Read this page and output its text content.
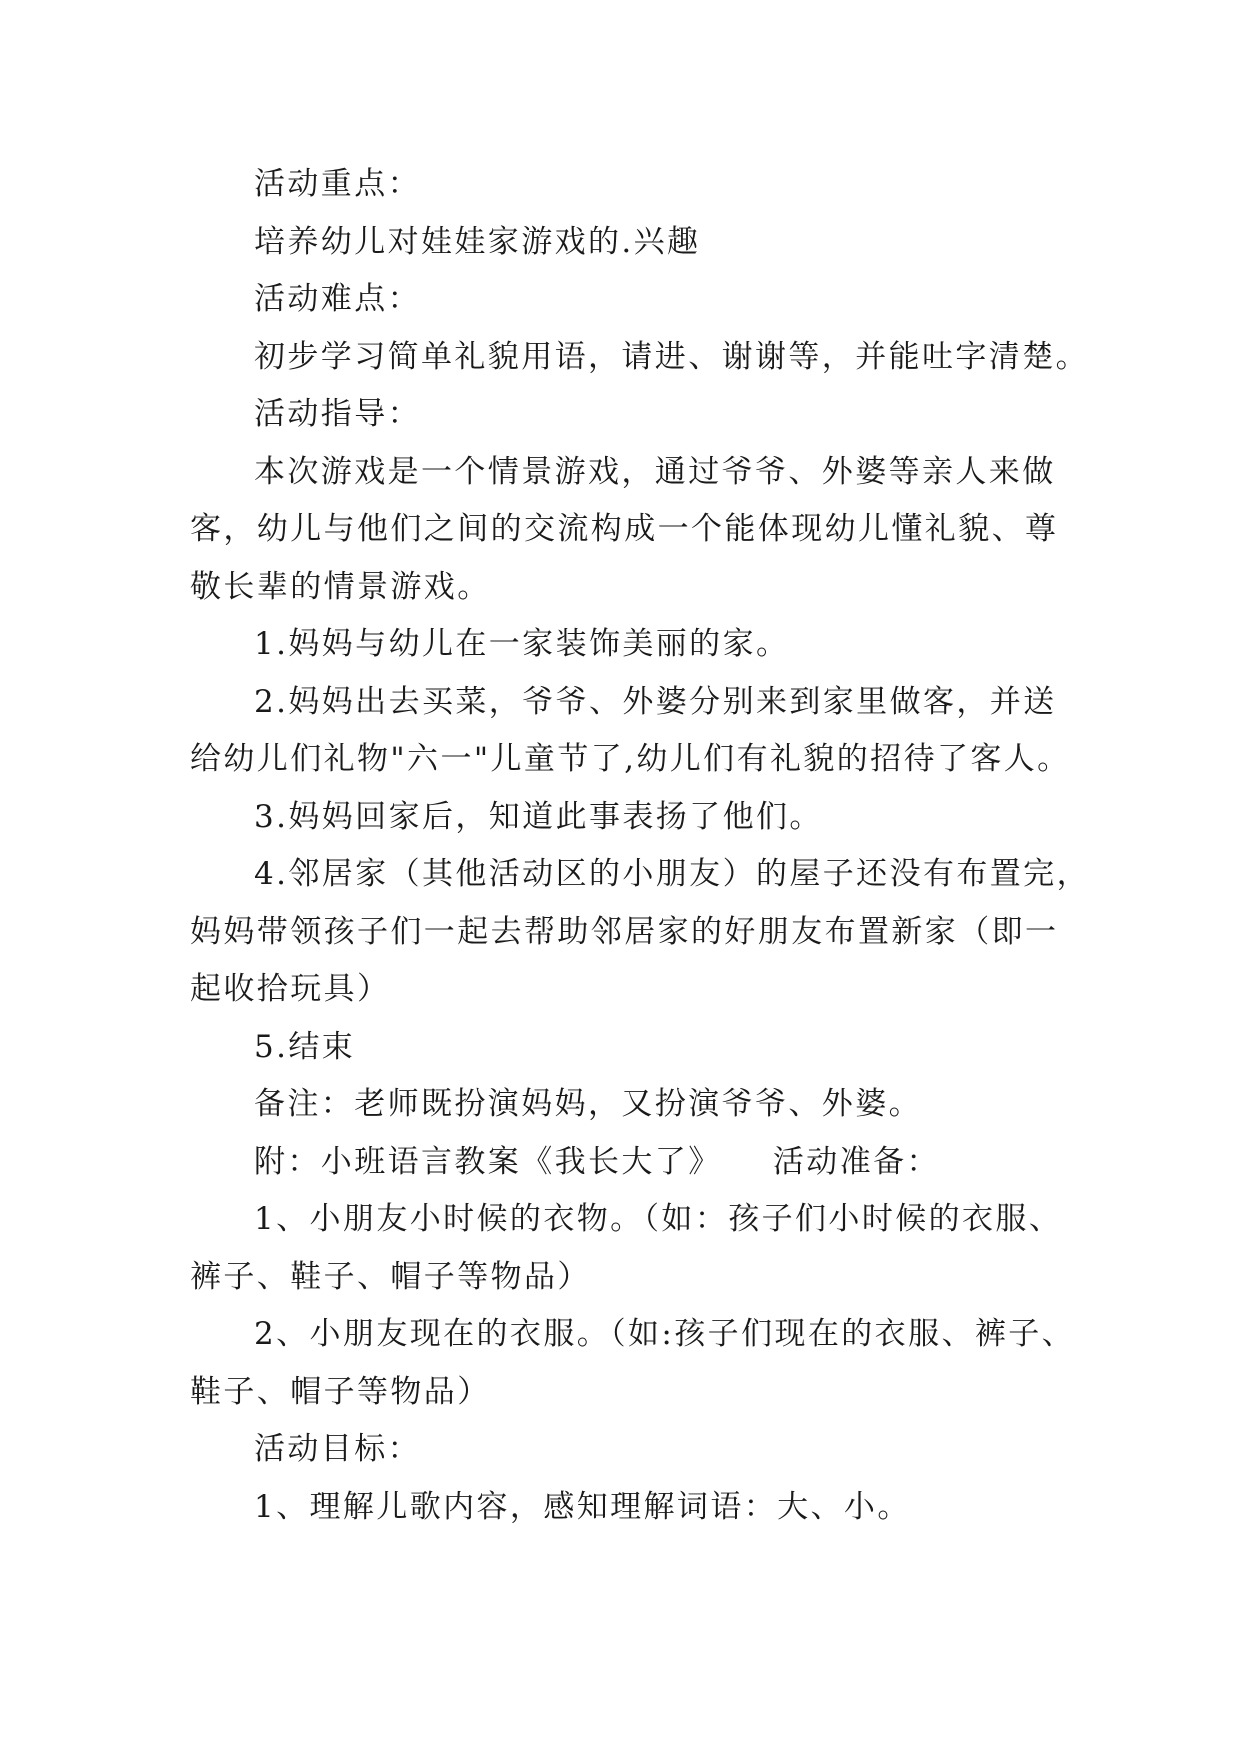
活动重点：

培养幼儿对娃娃家游戏的.兴趣

活动难点：

初步学习简单礼貌用语，请进、谢谢等，并能吐字清楚。

活动指导：

本次游戏是一个情景游戏，通过爷爷、外婆等亲人来做
客，幼儿与他们之间的交流构成一个能体现幼儿懂礼貌、尊
敬长辈的情景游戏。

1.妈妈与幼儿在一家装饰美丽的家。

2.妈妈出去买菜，爷爷、外婆分别来到家里做客，并送
给幼儿们礼物"六一"儿童节了,幼儿们有礼貌的招待了客人。

3.妈妈回家后，知道此事表扬了他们。

4.邻居家（其他活动区的小朋友）的屋子还没有布置完，
妈妈带领孩子们一起去帮助邻居家的好朋友布置新家（即一
起收拾玩具）

5.结束

备注：老师既扮演妈妈，又扮演爷爷、外婆。

附：小班语言教案《我长大了》　　活动准备：

1、小朋友小时候的衣物。（如：孩子们小时候的衣服、
裤子、鞋子、帽子等物品）

2、小朋友现在的衣服。（如:孩子们现在的衣服、裤子、
鞋子、帽子等物品）

活动目标：

1、理解儿歌内容，感知理解词语：大、小。
